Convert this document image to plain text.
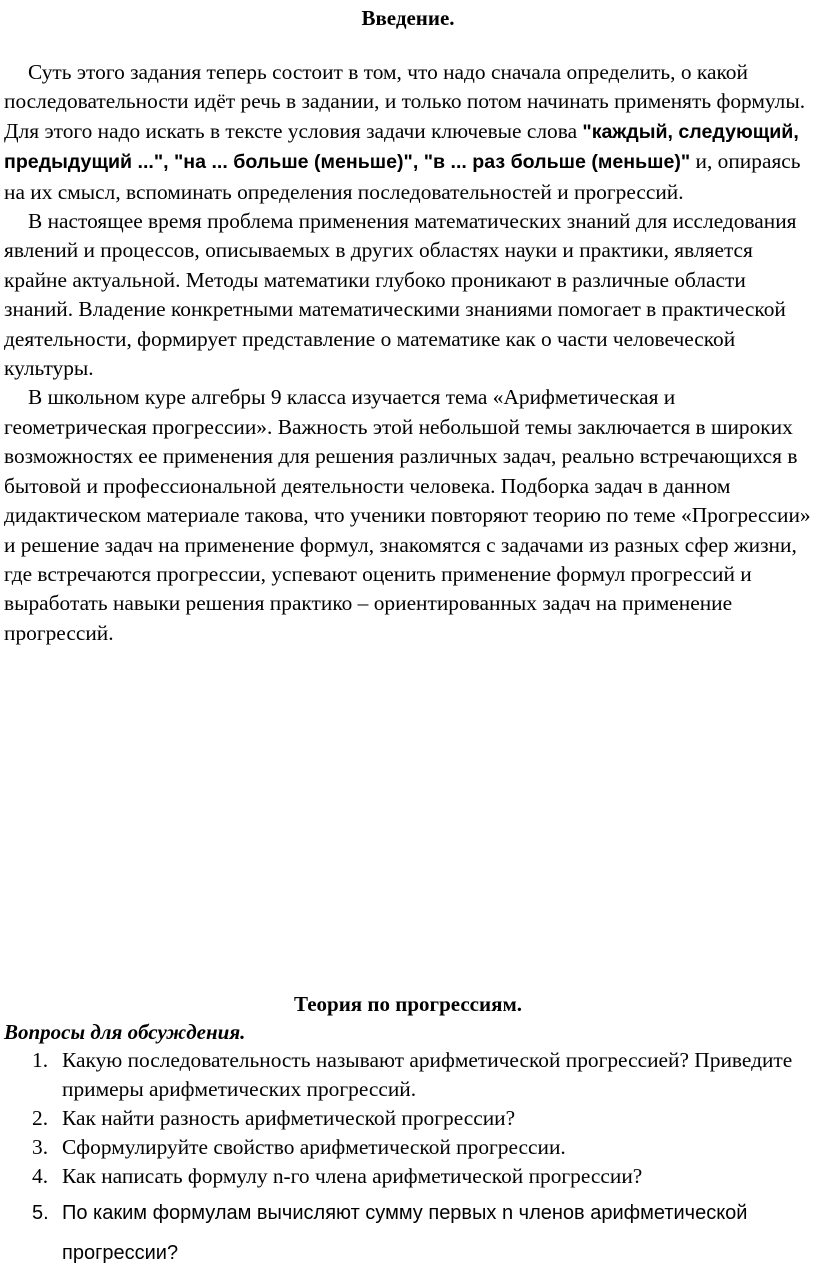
Введение.

Суть этого задания теперь состоит в том, что надо сначала определить, о какой последовательности идёт речь в задании, и только потом начинать применять формулы. Для этого надо искать в тексте условия задачи ключевые слова "каждый, следующий, предыдущий ...", "на ... больше (меньше)", "в ... раз больше (меньше)" и, опираясь на их смысл, вспоминать определения последовательностей и прогрессий.

В настоящее время проблема применения математических знаний для исследования явлений и процессов, описываемых в других областях науки и практики, является крайне актуальной. Методы математики глубоко проникают в различные области знаний. Владение конкретными математическими знаниями помогает в практической деятельности, формирует представление о математике как о части человеческой культуры.

В школьном куре алгебры 9 класса изучается тема «Арифметическая и геометрическая прогрессии». Важность этой небольшой темы заключается в широких возможностях ее применения для решения различных задач, реально встречающихся в бытовой и профессиональной деятельности человека. Подборка задач в данном дидактическом материале такова, что ученики повторяют теорию по теме «Прогрессии» и решение задач на применение формул, знакомятся с задачами из разных сфер жизни, где встречаются прогрессии, успевают оценить применение формул прогрессий и выработать навыки решения практико – ориентированных задач на применение прогрессий.

Теория по прогрессиям.
Вопросы для обсуждения.
1. Какую последовательность называют арифметической прогрессией? Приведите примеры арифметических прогрессий.
2. Как найти разность арифметической прогрессии?
3. Сформулируйте свойство арифметической прогрессии.
4. Как написать формулу n-го члена арифметической прогрессии?
5. По каким формулам вычисляют сумму первых n членов арифметической прогрессии?
